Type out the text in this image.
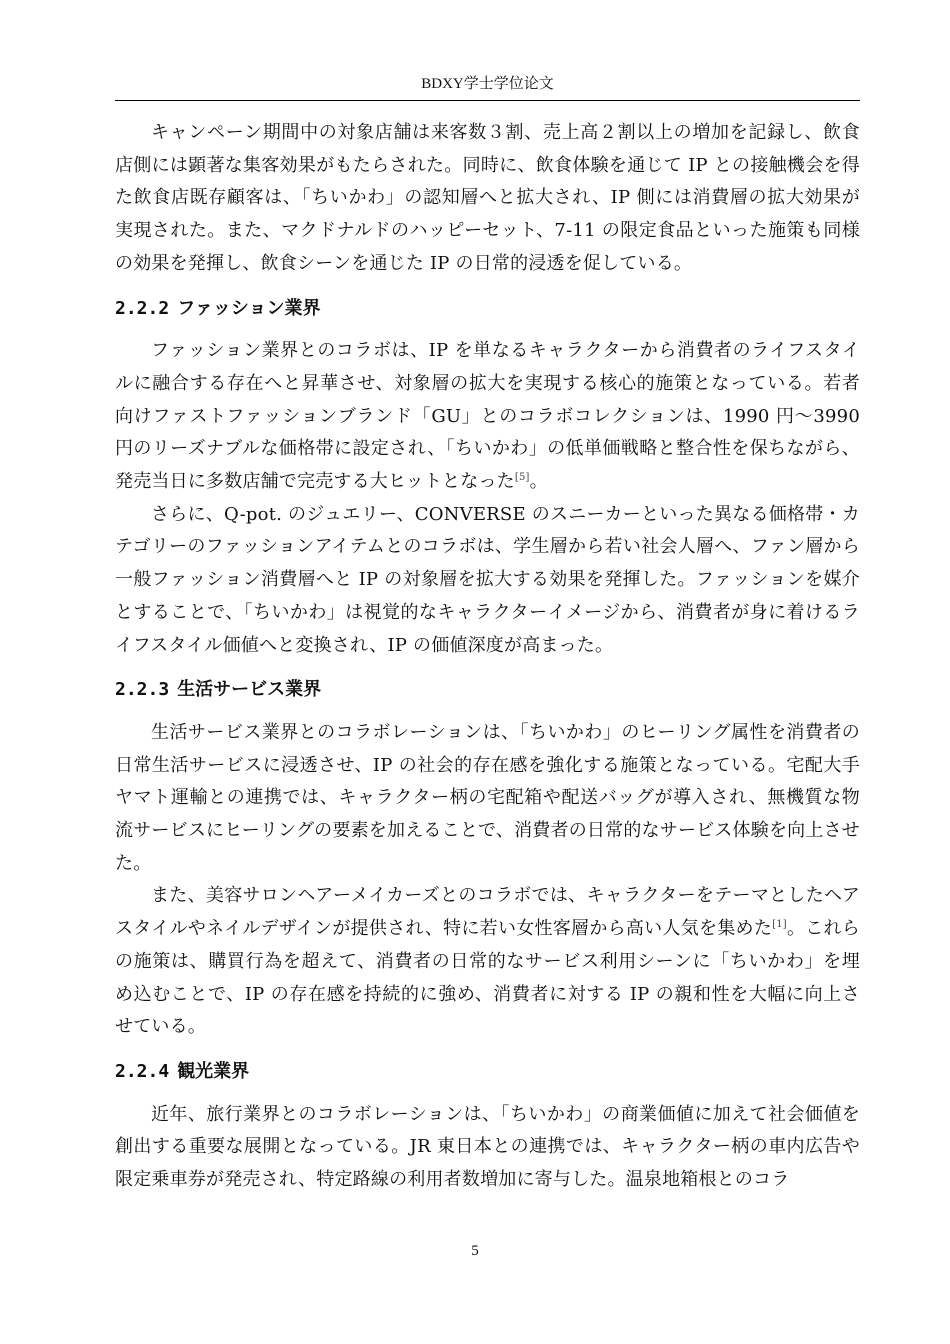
BDXY学士学位论文

キャンペーン期間中の対象店舗は来客数３割、売上高２割以上の増加を記録し、飲食店側には顕著な集客効果がもたらされた。同時に、飲食体験を通じて IP との接触機会を得た飲食店既存顧客は、「ちいかわ」の認知層へと拡大され、IP 側には消費層の拡大効果が実現された。また、マクドナルドのハッピーセット、7-11 の限定食品といった施策も同様の効果を発揮し、飲食シーンを通じた IP の日常的浸透を促している。

2.2.2 ファッション業界

ファッション業界とのコラボは、IP を単なるキャラクターから消費者のライフスタイルに融合する存在へと昇華させ、対象層の拡大を実現する核心的施策となっている。若者向けファストファッションブランド「GU」とのコラボコレクションは、1990 円～3990 円のリーズナブルな価格帯に設定され、「ちいかわ」の低単価戦略と整合性を保ちながら、発売当日に多数店舗で完売する大ヒットとなった[5]。

さらに、Q-pot. のジュエリー、CONVERSE のスニーカーといった異なる価格帯・カテゴリーのファッションアイテムとのコラボは、学生層から若い社会人層へ、ファン層から一般ファッション消費層へと IP の対象層を拡大する効果を発揮した。ファッションを媒介とすることで、「ちいかわ」は視覚的なキャラクターイメージから、消費者が身に着けるライフスタイル価値へと変換され、IP の価値深度が高まった。

2.2.3 生活サービス業界

生活サービス業界とのコラボレーションは、「ちいかわ」のヒーリング属性を消費者の日常生活サービスに浸透させ、IP の社会的存在感を強化する施策となっている。宅配大手ヤマト運輸との連携では、キャラクター柄の宅配箱や配送バッグが導入され、無機質な物流サービスにヒーリングの要素を加えることで、消費者の日常的なサービス体験を向上させた。

また、美容サロンヘアーメイカーズとのコラボでは、キャラクターをテーマとしたヘアスタイルやネイルデザインが提供され、特に若い女性客層から高い人気を集めた[1]。これらの施策は、購買行為を超えて、消費者の日常的なサービス利用シーンに「ちいかわ」を埋め込むことで、IP の存在感を持続的に強め、消費者に対する IP の親和性を大幅に向上させている。

2.2.4 観光業界

近年、旅行業界とのコラボレーションは、「ちいかわ」の商業価値に加えて社会価値を創出する重要な展開となっている。JR 東日本との連携では、キャラクター柄の車内広告や限定乗車券が発売され、特定路線の利用者数増加に寄与した。温泉地箱根とのコラ

5
